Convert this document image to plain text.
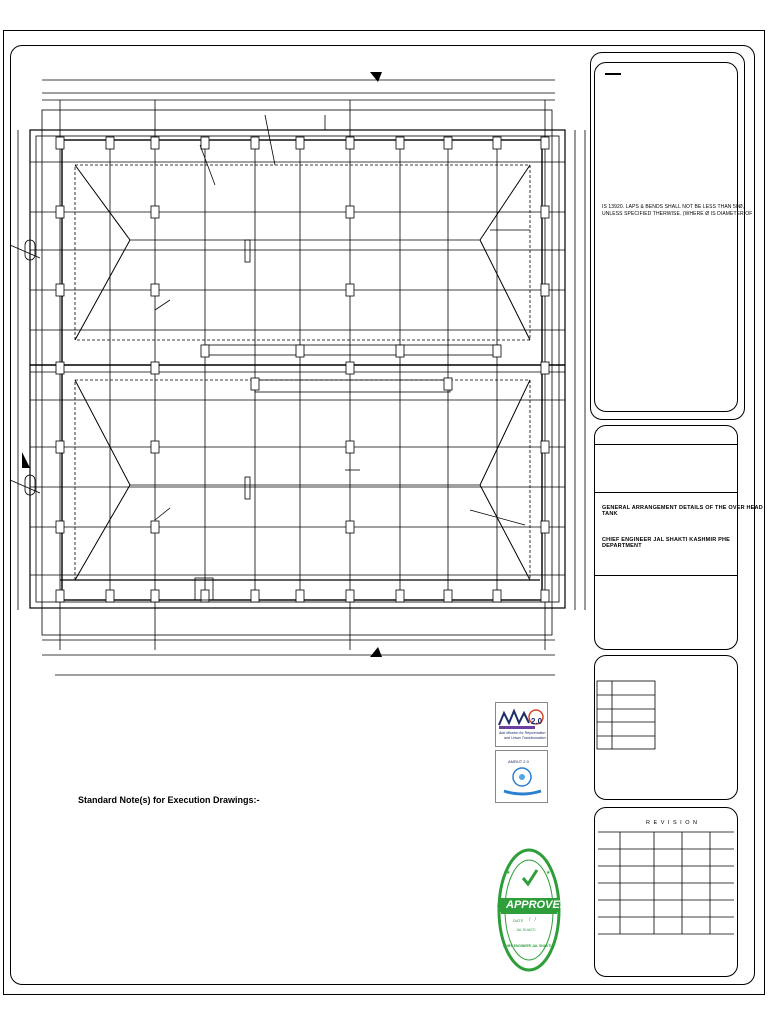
IS 13920. LAPS & BENDS SHALL NOT BE LESS THAN 50Ø,
UNLESS SPECIFIED THERWISE. (WHERE Ø IS DIAMETER OF
GENERAL ARRANGEMENT DETAILS OF THE OVER HEAD TANK
CHIEF ENGINEER JAL SHAKTI KASHMIR PHE DEPARTMENT
R E V I S I O N
Standard Note(s) for Execution Drawings:-
2.0
Atal Mission for Rejuvenation
and Urban Transformation
AMRUT 2.0
★	★
APPROVED
DATE /   /
JAL SHAKTI
CHIEF ENGINEER JAL SHAKTI
